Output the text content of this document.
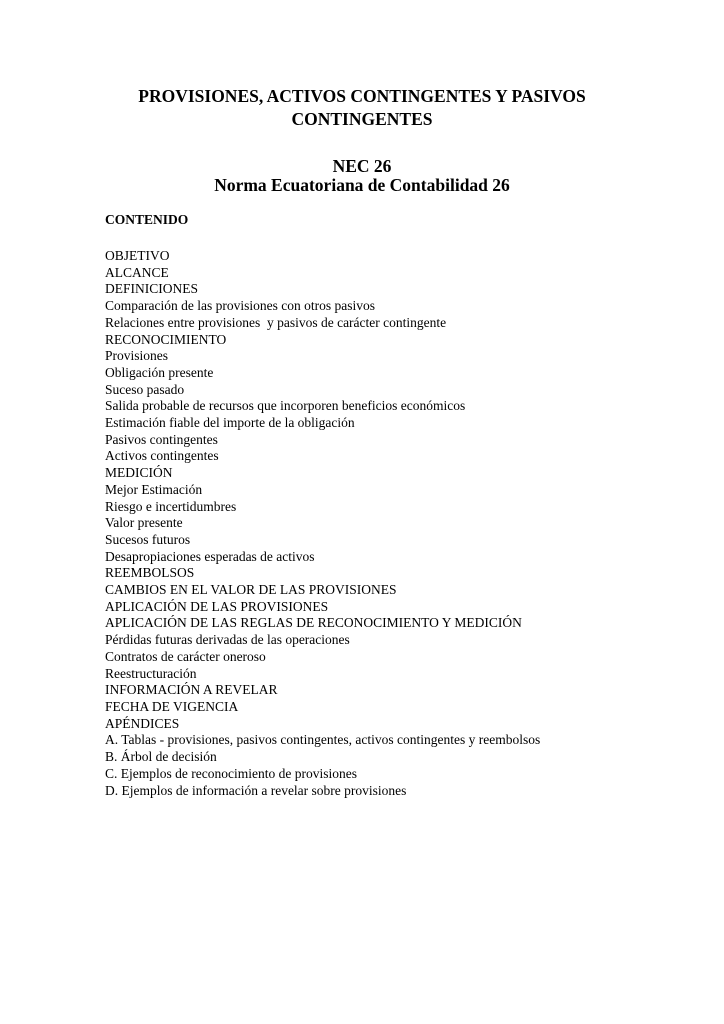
PROVISIONES, ACTIVOS CONTINGENTES Y PASIVOS CONTINGENTES
NEC 26
Norma Ecuatoriana de Contabilidad 26
CONTENIDO
OBJETIVO
ALCANCE
DEFINICIONES
Comparación de las provisiones con otros pasivos
Relaciones entre provisiones  y pasivos de carácter contingente
RECONOCIMIENTO
Provisiones
Obligación presente
Suceso pasado
Salida probable de recursos que incorporen beneficios económicos
Estimación fiable del importe de la obligación
Pasivos contingentes
Activos contingentes
MEDICIÓN
Mejor Estimación
Riesgo e incertidumbres
Valor presente
Sucesos futuros
Desapropiaciones esperadas de activos
REEMBOLSOS
CAMBIOS EN EL VALOR DE LAS PROVISIONES
APLICACIÓN DE LAS PROVISIONES
APLICACIÓN DE LAS REGLAS DE RECONOCIMIENTO Y MEDICIÓN
Pérdidas futuras derivadas de las operaciones
Contratos de carácter oneroso
Reestructuración
INFORMACIÓN A REVELAR
FECHA DE VIGENCIA
APÉNDICES
A. Tablas - provisiones, pasivos contingentes, activos contingentes y reembolsos
B. Árbol de decisión
C. Ejemplos de reconocimiento de provisiones
D. Ejemplos de información a revelar sobre provisiones
